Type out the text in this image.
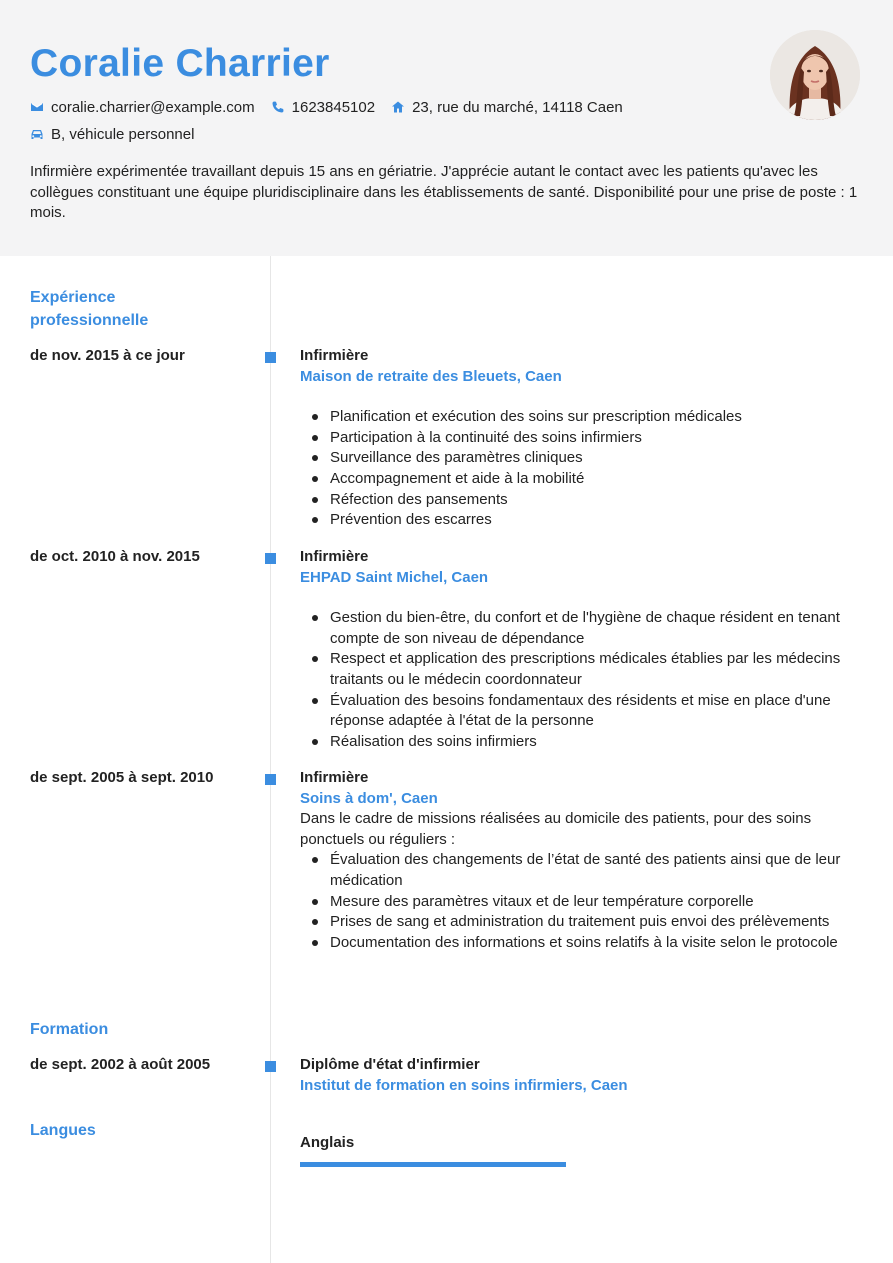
Coralie Charrier
coralie.charrier@example.com 1623845102 23, rue du marché, 14118 Caen
B, véhicule personnel
Infirmière expérimentée travaillant depuis 15 ans en gériatrie. J'apprécie autant le contact avec les patients qu'avec les collègues constituant une équipe pluridisciplinaire dans les établissements de santé. Disponibilité pour une prise de poste : 1 mois.
Expérience professionnelle
de nov. 2015 à ce jour	Infirmière
Maison de retraite des Bleuets, Caen
Planification et exécution des soins sur prescription médicales
Participation à la continuité des soins infirmiers
Surveillance des paramètres cliniques
Accompagnement et aide à la mobilité
Réfection des pansements
Prévention des escarres
de oct. 2010 à nov. 2015	Infirmière
EHPAD Saint Michel, Caen
Gestion du bien-être, du confort et de l'hygiène de chaque résident en tenant compte de son niveau de dépendance
Respect et application des prescriptions médicales établies par les médecins traitants ou le médecin coordonnateur
Évaluation des besoins fondamentaux des résidents et mise en place d'une réponse adaptée à l'état de la personne
Réalisation des soins infirmiers
de sept. 2005 à sept. 2010	Infirmière
Soins à dom', Caen
Dans le cadre de missions réalisées au domicile des patients, pour des soins ponctuels ou réguliers :
Évaluation des changements de l’état de santé des patients ainsi que de leur médication
Mesure des paramètres vitaux et de leur température corporelle
Prises de sang et administration du traitement puis envoi des prélèvements
Documentation des informations et soins relatifs à la visite selon le protocole
Formation
de sept. 2002 à août 2005	Diplôme d'état d'infirmier
Institut de formation en soins infirmiers, Caen
Langues
Anglais
